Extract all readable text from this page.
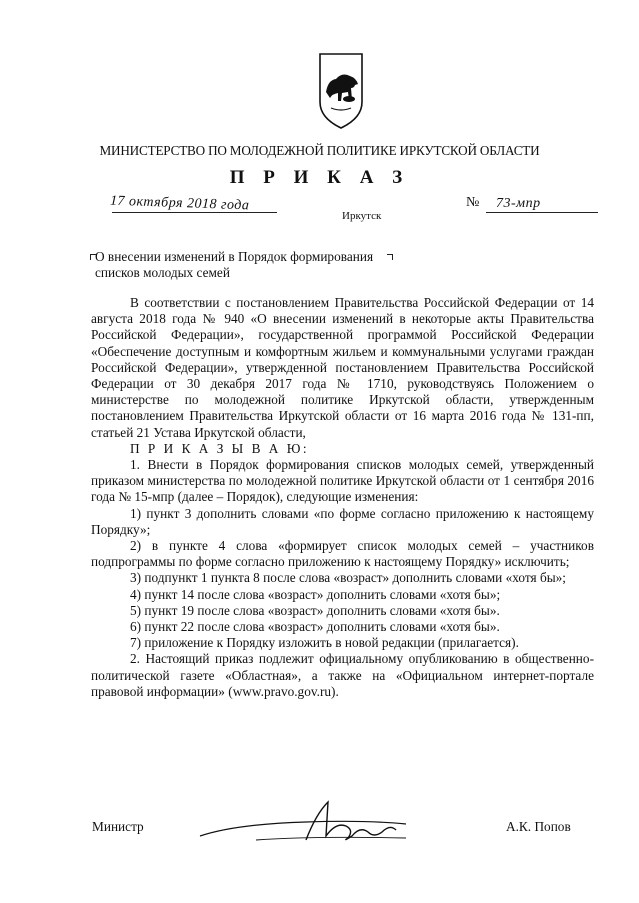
МИНИСТЕРСТВО ПО МОЛОДЕЖНОЙ ПОЛИТИКЕ ИРКУТСКОЙ ОБЛАСТИ
П Р И К А З
17 октября 2018 года
Иркутск
№ 73-мпр
О внесении изменений в Порядок формирования списков молодых семей

В соответствии с постановлением Правительства Российской Федерации от 14 августа 2018 года № 940 «О внесении изменений в некоторые акты Правительства Российской Федерации», государственной программой Российской Федерации «Обеспечение доступным и комфортным жильем и коммунальными услугами граждан Российской Федерации», утвержденной постановлением Правительства Российской Федерации от 30 декабря 2017 года № 1710, руководствуясь Положением о министерстве по молодежной политике Иркутской области, утвержденным постановлением Правительства Иркутской области от 16 марта 2016 года № 131-пп, статьей 21 Устава Иркутской области,

П Р И К А З Ы В А Ю:

1. Внести в Порядок формирования списков молодых семей, утвержденный приказом министерства по молодежной политике Иркутской области от 1 сентября 2016 года № 15-мпр (далее – Порядок), следующие изменения:

1) пункт 3 дополнить словами «по форме согласно приложению к настоящему Порядку»;

2) в пункте 4 слова «формирует список молодых семей – участников подпрограммы по форме согласно приложению к настоящему Порядку» исключить;

3) подпункт 1 пункта 8 после слова «возраст» дополнить словами «хотя бы»;

4) пункт 14 после слова «возраст» дополнить словами «хотя бы»;

5) пункт 19 после слова «возраст» дополнить словами «хотя бы».

6) пункт 22 после слова «возраст» дополнить словами «хотя бы».

7) приложение к Порядку изложить в новой редакции (прилагается).

2. Настоящий приказ подлежит официальному опубликованию в общественно-политической газете «Областная», а также на «Официальном интернет-портале правовой информации» (www.pravo.gov.ru).

Министр	А.К. Попов
